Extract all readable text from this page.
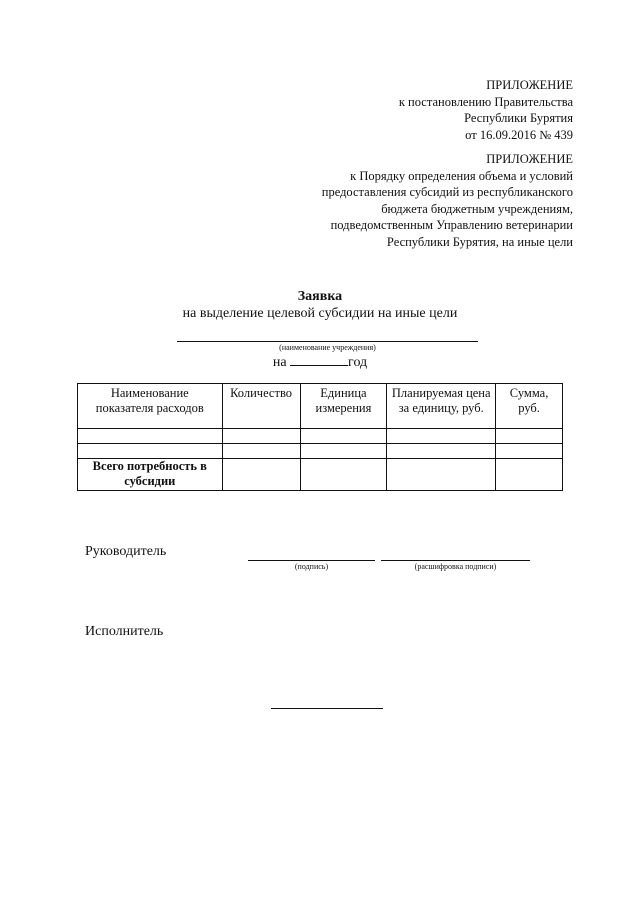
ПРИЛОЖЕНИЕ
к постановлению Правительства
Республики Бурятия
от 16.09.2016 № 439
ПРИЛОЖЕНИЕ
к Порядку определения объема и условий
предоставления субсидий из республиканского
бюджета бюджетным учреждениям,
подведомственным Управлению ветеринарии
Республики Бурятия, на иные цели
Заявка
на выделение целевой субсидии на иные цели
(наименование учреждения)
на	год
Наименование показателя расходов	Количество	Единица измерения	Планируемая цена за единицу, руб.	Сумма, руб.

Всего потребность в субсидии				
Руководитель
(подпись)	(расшифровка подписи)
Исполнитель
